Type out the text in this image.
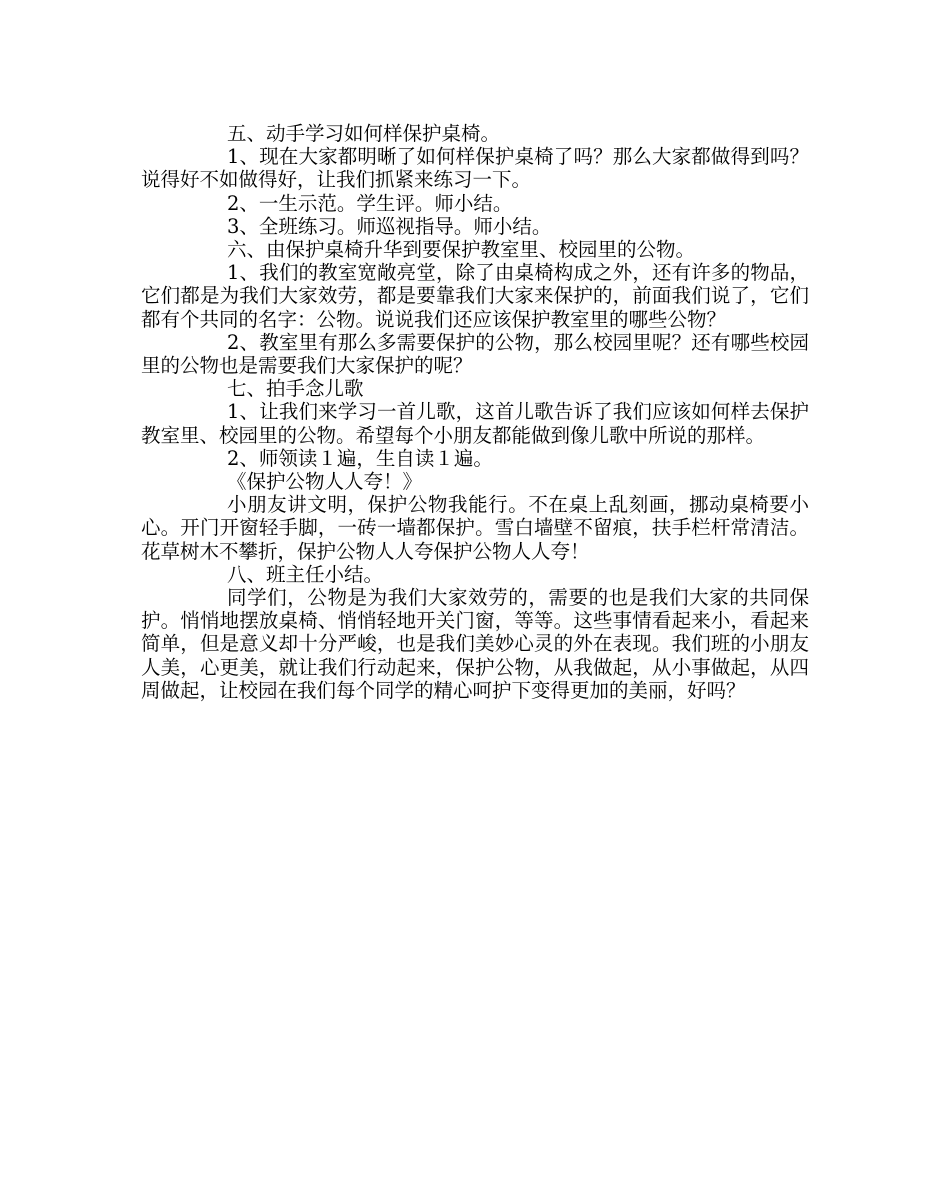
五、动手学习如何样保护桌椅。

1、现在大家都明晰了如何样保护桌椅了吗？那么大家都做得到吗？说得好不如做得好，让我们抓紧来练习一下。

2、一生示范。学生评。师小结。

3、全班练习。师巡视指导。师小结。

六、由保护桌椅升华到要保护教室里、校园里的公物。

1、我们的教室宽敞亮堂，除了由桌椅构成之外，还有许多的物品，它们都是为我们大家效劳，都是要靠我们大家来保护的，前面我们说了，它们都有个共同的名字：公物。说说我们还应该保护教室里的哪些公物？

2、教室里有那么多需要保护的公物，那么校园里呢？还有哪些校园里的公物也是需要我们大家保护的呢？

七、拍手念儿歌

1、让我们来学习一首儿歌，这首儿歌告诉了我们应该如何样去保护教室里、校园里的公物。希望每个小朋友都能做到像儿歌中所说的那样。

2、师领读１遍，生自读１遍。

《保护公物人人夸！》

小朋友讲文明，保护公物我能行。不在桌上乱刻画，挪动桌椅要小心。开门开窗轻手脚，一砖一墙都保护。雪白墙壁不留痕，扶手栏杆常清洁。花草树木不攀折，保护公物人人夸保护公物人人夸！

八、班主任小结。

同学们，公物是为我们大家效劳的，需要的也是我们大家的共同保护。悄悄地摆放桌椅、悄悄轻地开关门窗，等等。这些事情看起来小，看起来简单，但是意义却十分严峻，也是我们美妙心灵的外在表现。我们班的小朋友人美，心更美，就让我们行动起来，保护公物，从我做起，从小事做起，从四周做起，让校园在我们每个同学的精心呵护下变得更加的美丽，好吗？
